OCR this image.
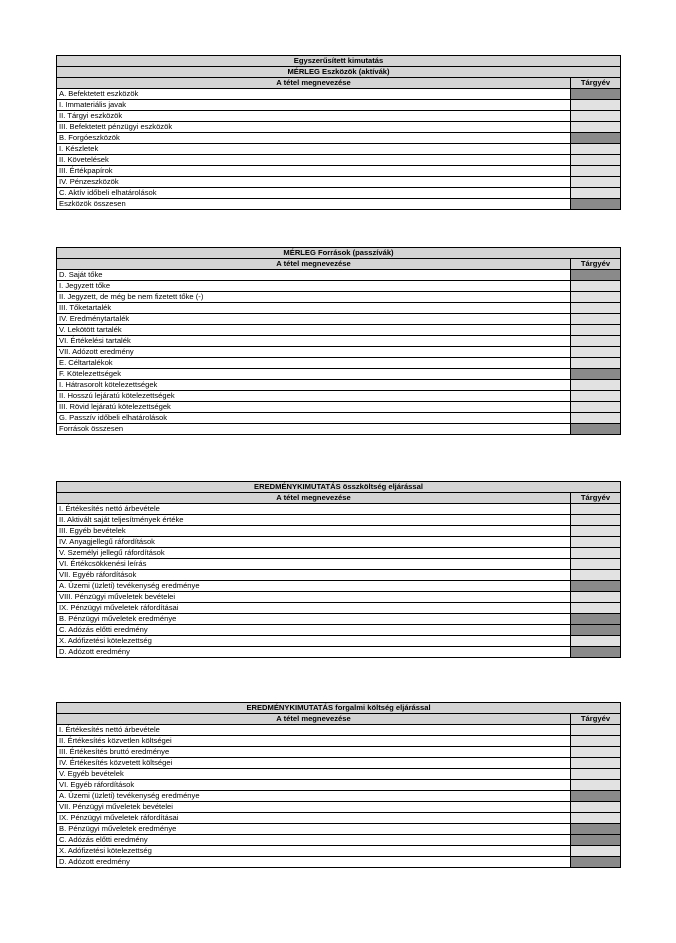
Egyszerűsített kimutatás	
MÉRLEG Eszközök (aktívák)	
A tétel megnevezése	Tárgyév
A. Befektetett eszközök	
I. Immateriális javak	
II. Tárgyi eszközök	
III. Befektetett pénzügyi eszközök	
B. Forgóeszközök	
I. Készletek	
II. Követelések	
III. Értékpapírok	
IV. Pénzeszközök	
C. Aktív időbeli elhatárolások	
Eszközök összesen	
MÉRLEG Források (passzívák)	
A tétel megnevezése	Tárgyév
D. Saját tőke	
I. Jegyzett tőke	
II. Jegyzett, de még be nem fizetett tőke (-)	
III. Tőketartalék	
IV. Eredménytartalék	
V. Lekötött tartalék	
VI. Értékelési tartalék	
VII. Adózott eredmény	
E. Céltartalékok	
F. Kötelezettségek	
I. Hátrasorolt kötelezettségek	
II. Hosszú lejáratú kötelezettségek	
III. Rövid lejáratú kötelezettségek	
G. Passzív időbeli elhatárolások	
Források összesen	
EREDMÉNYKIMUTATÁS összköltség eljárással	
A tétel megnevezése	Tárgyév
I. Értékesítés nettó árbevétele	
II. Aktivált saját teljesítmények értéke	
III. Egyéb bevételek	
IV. Anyagjellegű ráfordítások	
V. Személyi jellegű ráfordítások	
VI. Értékcsökkenési leírás	
VII. Egyéb ráfordítások	
A. Üzemi (üzleti) tevékenység eredménye	
VIII. Pénzügyi műveletek bevételei	
IX. Pénzügyi műveletek ráfordításai	
B. Pénzügyi műveletek eredménye	
C. Adózás előtti eredmény	
X. Adófizetési kötelezettség	
D. Adózott eredmény	
EREDMÉNYKIMUTATÁS forgalmi költség eljárással	
A tétel megnevezése	Tárgyév
I. Értékesítés nettó árbevétele	
II. Értékesítés közvetlen költségei	
III. Értékesítés bruttó eredménye	
IV. Értékesítés közvetett költségei	
V. Egyéb bevételek	
VI. Egyéb ráfordítások	
A. Üzemi (üzleti) tevékenység eredménye	
VII. Pénzügyi műveletek bevételei	
IX. Pénzügyi műveletek ráfordításai	
B. Pénzügyi műveletek eredménye	
C. Adózás előtti eredmény	
X. Adófizetési kötelezettség	
D. Adózott eredmény	
